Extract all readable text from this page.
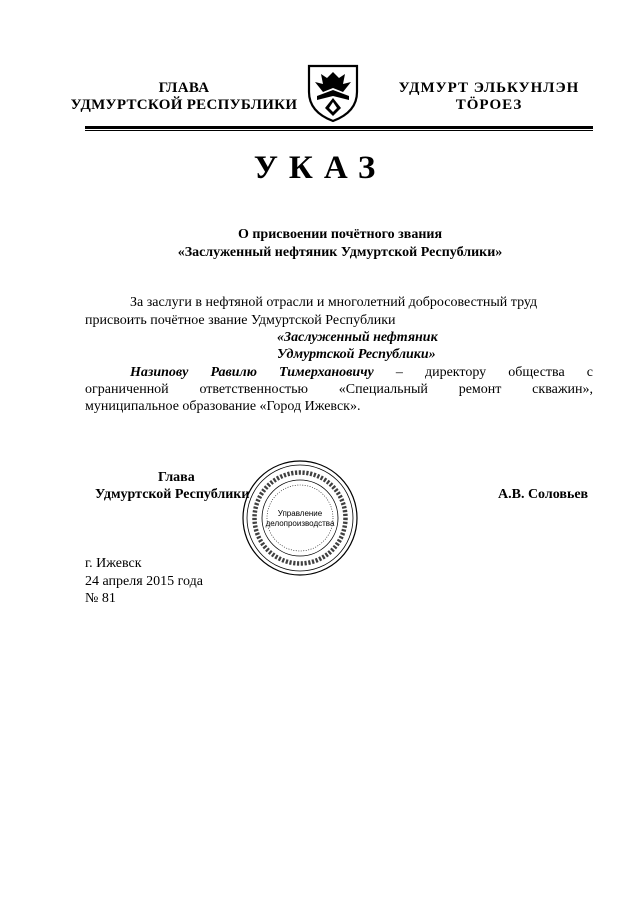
ГЛАВА
УДМУРТСКОЙ РЕСПУБЛИКИ
УДМУРТ ЭЛЬКУНЛЭН
ТӦРОЕЗ
УКАЗ
О присвоении почётного звания
«Заслуженный нефтяник Удмуртской Республики»
За заслуги в нефтяной отрасли и многолетний добросовестный труд
присвоить почётное звание Удмуртской Республики
«Заслуженный нефтяник
Удмуртской Республики»
Назипову Равилю Тимерхановичу – директору общества с
ограниченной ответственностью «Специальный ремонт скважин»,
муниципальное образование «Город Ижевск».
Глава
Удмуртской Республики	А.В. Соловьев
Управление
делопроизводства
г. Ижевск
24 апреля 2015 года
№ 81
